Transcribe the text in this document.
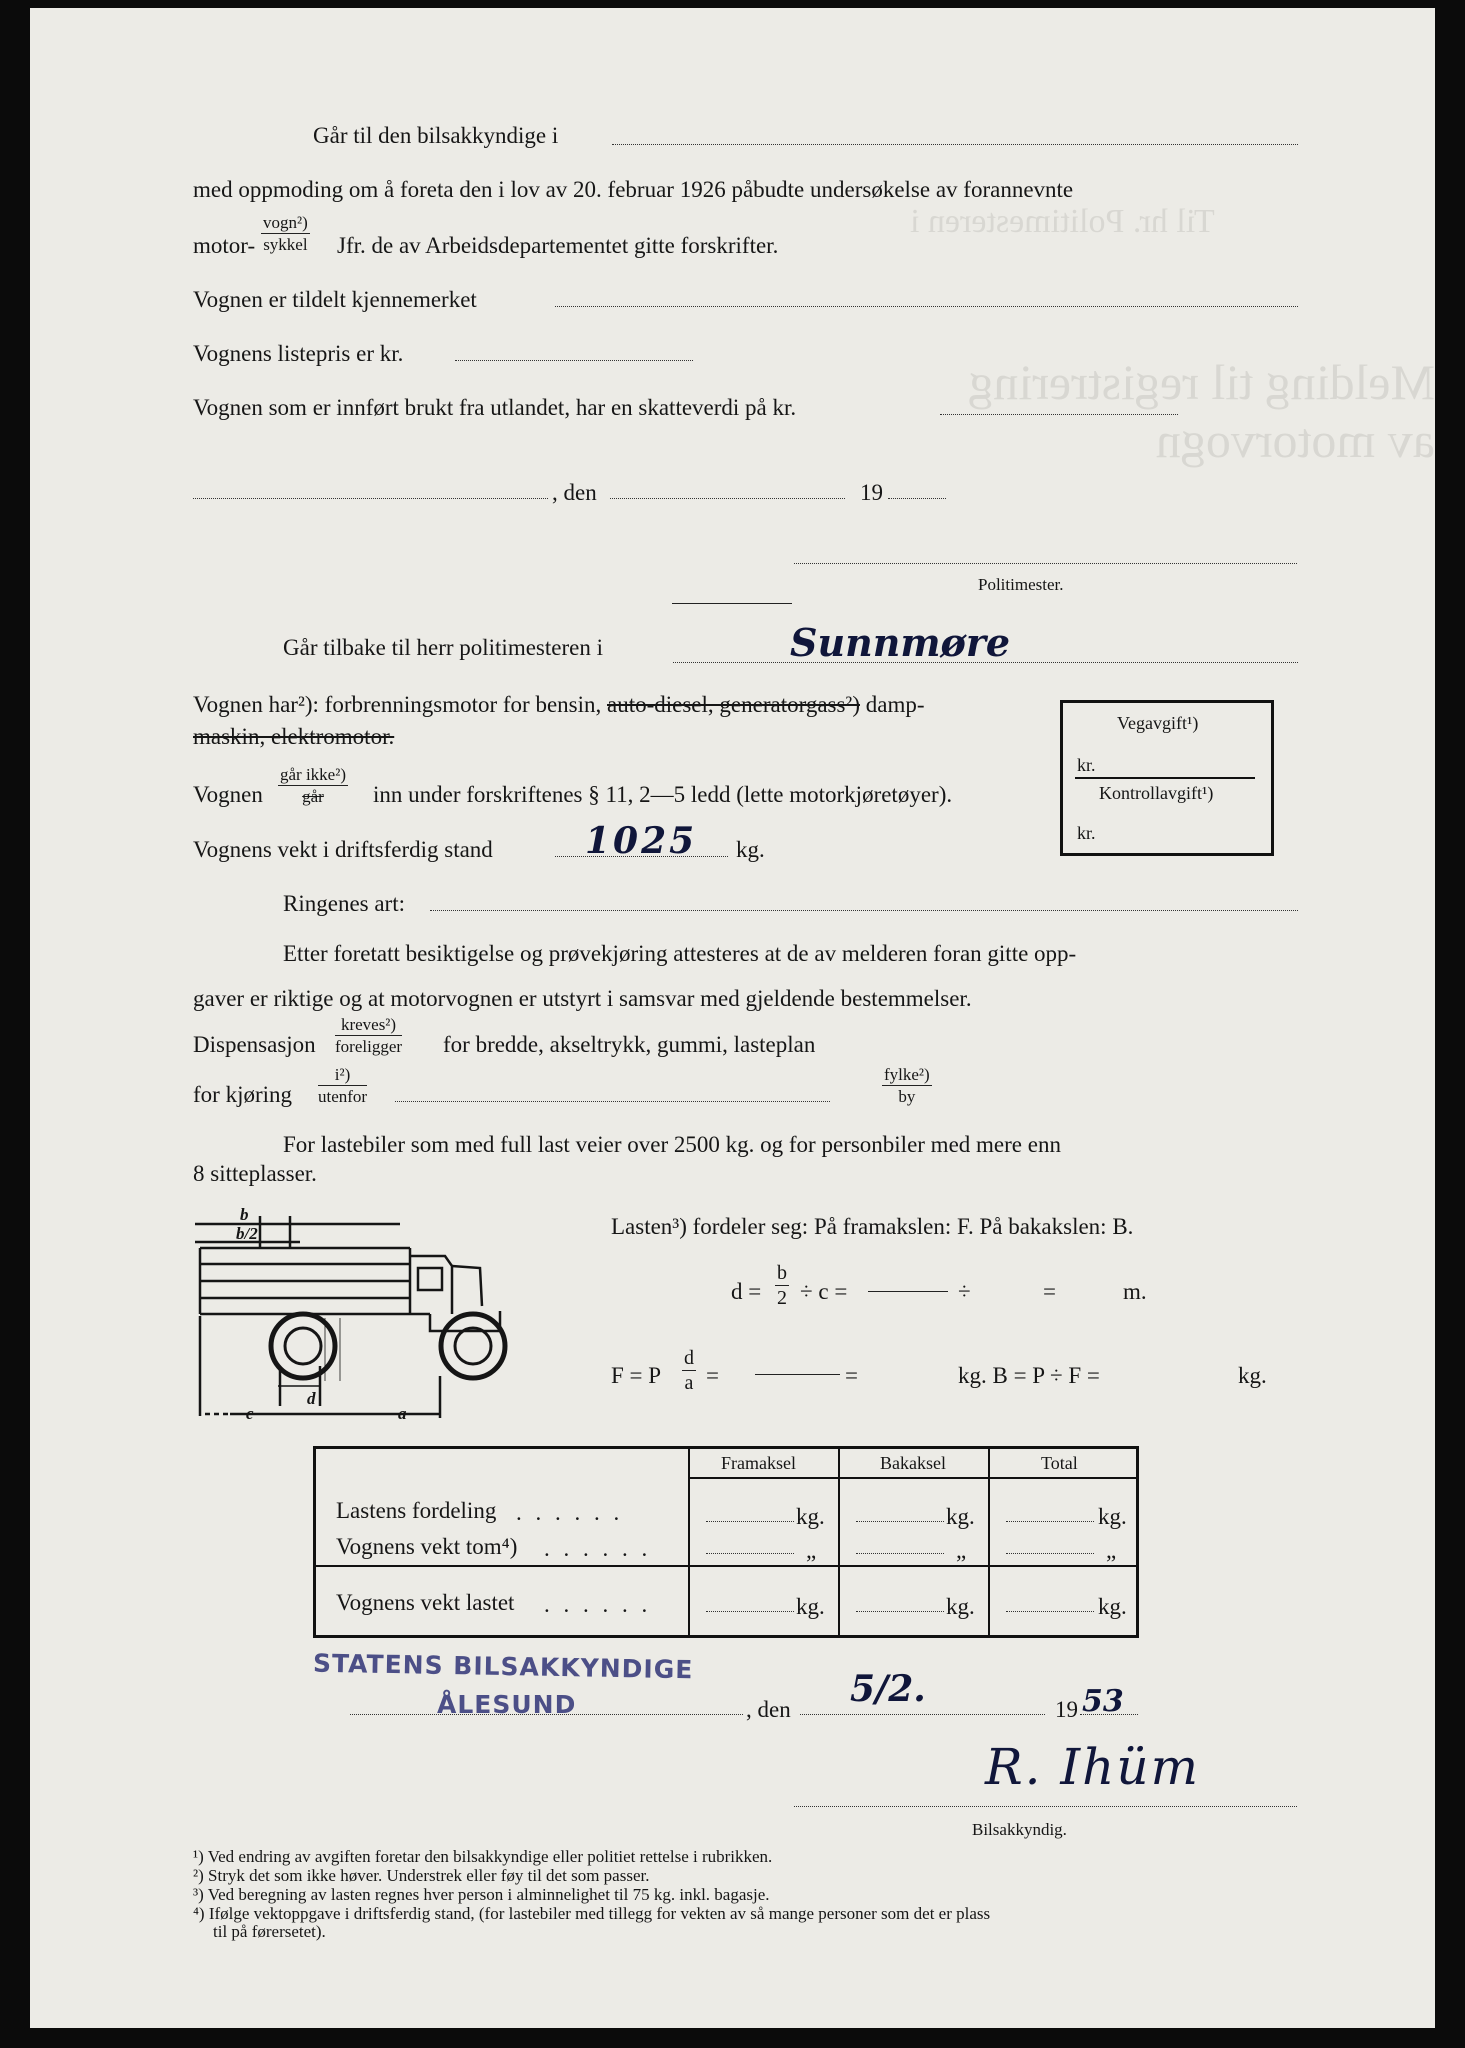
Til hr. Politimesteren i
Melding til registrering av motorvogn
Går til den bilsakkyndige i
med oppmoding om å foreta den i lov av 20. februar 1926 påbudte undersøkelse av forannevnte
motor-
vogn²)
sykkel Jfr. de av Arbeidsdepartementet gitte forskrifter.
Vognen er tildelt kjennemerket
Vognens listepris er kr.
Vognen som er innført brukt fra utlandet, har en skatteverdi på kr.
, den	19
Politimester.
Går tilbake til herr politimesteren i	Sunnmøre
Vognen har²): forbrenningsmotor for bensin, auto-diesel, generatorgass²) damp-
maskin, elektromotor.
Vognen
går ikke²)
går	inn under forskriftenes § 11, 2—5 ledd (lette motorkjøretøyer).
Vognens vekt i driftsferdig stand	1025 kg.
Ringenes art:
Etter foretatt besiktigelse og prøvekjøring attesteres at de av melderen foran gitte opp-
gaver er riktige og at motorvognen er utstyrt i samsvar med gjeldende bestemmelser.
Dispensasjon
kreves²)
foreligger for bredde, akseltrykk, gummi, lasteplan
for kjøring
i²)
utenfor
fylke²)
by
For lastebiler som med full last veier over 2500 kg. og for personbiler med mere enn
8 sitteplasser.
Vegavgift¹)
kr.
Kontrollavgift¹)
kr.
b
b/2
d
c	a
Lasten³) fordeler seg: På framakslen: F. På bakakslen: B.
$d = \frac{b}{2} \div c$ =	÷	=	m.
F = P $\frac{d}{a}$ =	=	kg. B = P ÷ F =	kg.
Framaksel	Bakaksel	Total
Lastens fordeling . . . . . .	kg.	kg.	kg.
Vognens vekt tom⁴) . . . . . .	„	„	„
Vognens vekt lastet . . . . . .	kg.	kg.	kg.
STATENS BILSAKKYNDIGE
ÅLESUND	, den 5/2.	19 53
R. Ihüm
Bilsakkyndig.
¹) Ved endring av avgiften foretar den bilsakkyndige eller politiet rettelse i rubrikken.
²) Stryk det som ikke høver. Understrek eller føy til det som passer.
³) Ved beregning av lasten regnes hver person i alminnelighet til 75 kg. inkl. bagasje.
⁴) Ifølge vektoppgave i driftsferdig stand, (for lastebiler med tillegg for vekten av så mange personer som det er plass
til på førersetet).
